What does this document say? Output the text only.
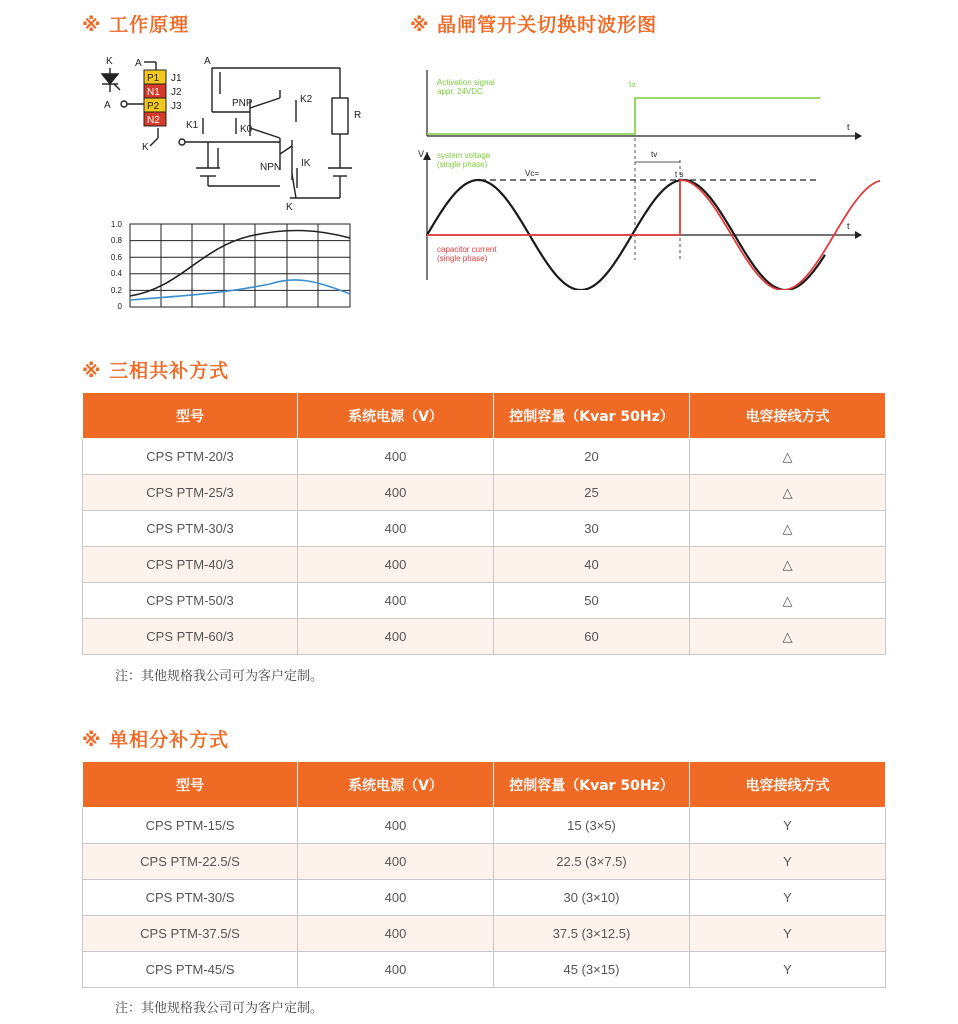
※ 工作原理	※ 晶闸管开关切换时波形图
K A
A
P1
N1
P2
N2
J1
J2
J3
K
A
PNP	K2
R
K1	K0
IK
NPN
K
1.0
0.8
0.6
0.4
0.2
0
Activation signal
appr. 24VDC
to
t
V system voltage
(single phase)
tv
t s
Vc=
t
capacitor current
(single phase)
※ 三相共补方式
型号	系统电源（V）	控制容量（Kvar 50Hz）	电容接线方式
CPS PTM-20/3	400	20	△
CPS PTM-25/3	400	25	△
CPS PTM-30/3	400	30	△
CPS PTM-40/3	400	40	△
CPS PTM-50/3	400	50	△
CPS PTM-60/3	400	60	△
注：其他规格我公司可为客户定制。
※ 单相分补方式
型号	系统电源（V）	控制容量（Kvar 50Hz）	电容接线方式
CPS PTM-15/S	400	15 (3×5)	Y
CPS PTM-22.5/S	400	22.5 (3×7.5)	Y
CPS PTM-30/S	400	30 (3×10)	Y
CPS PTM-37.5/S	400	37.5 (3×12.5)	Y
CPS PTM-45/S	400	45 (3×15)	Y
注：其他规格我公司可为客户定制。
